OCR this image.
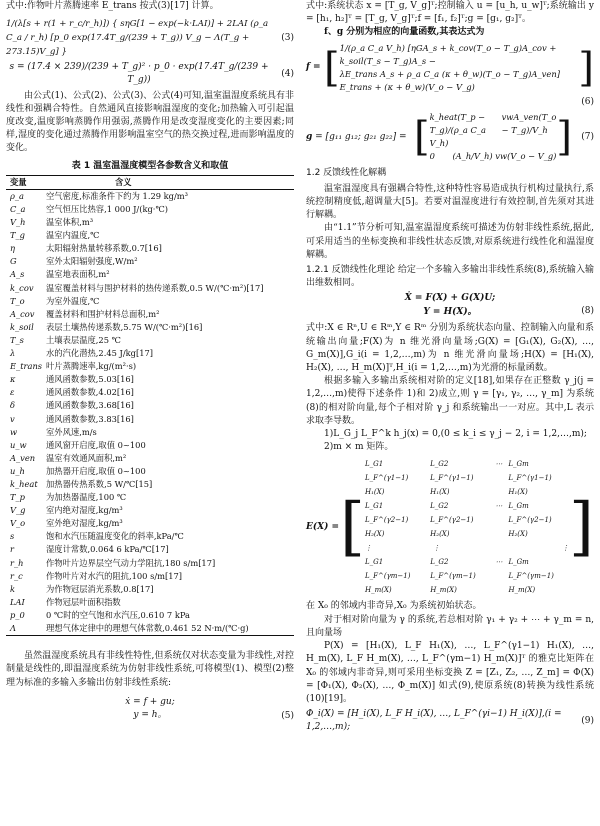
式中:作物叶片蒸腾速率 E_trans 按式(3)[17] 计算。

1/(λ[s + r(1 + r_c/r_h)]) { sηG[1 − exp(−k·LAI)] + 2LAI (ρ_a C_a / r_h) [p_0 exp(17.4T_g/(239 + T_g)) V_g − Λ(T_g + 273.15)V_g] }
(3)
s = (17.4 × 239)/(239 + T_g)² · p_0 · exp(17.4T_g/(239 + T_g))
(4)

由公式(1)、公式(2)、公式(3)、公式(4)可知,温室温湿度系统具有非线性和强耦合特性。自然通风直接影响温湿度的变化;加热输入可引起温度改变,温度影响蒸腾作用强弱,蒸腾作用是改变湿度变化的主要因素;同样,湿度的变化通过蒸腾作用影响温室空气的热交换过程,进而影响温度的变化。

表 1 温室温湿度模型各参数含义和取值
变量	含义
ρ_a	空气密度,标准条件下约为 1.29 kg/m³
C_a	空气恒压比热容,1 000 J/(kg·℃)
V_h	温室体积,m³
T_g	温室内温度,℃
η	太阳辐射热量转移系数,0.7[16]
G	室外太阳辐射强度,W/m²
A_s	温室地表面积,m²
k_cov	温室覆盖材料与围护材料的热传递系数,0.5 W/(℃·m²)[17]
T_o	为室外温度,℃
A_cov	覆盖材料和围护材料总面积,m²
k_soil	表层土壤热传递系数,5.75 W/(℃·m²)[16]
T_s	土壤表层温度,25 ℃
λ	水的汽化潜热,2.45 J/kg[17]
E_trans	叶片蒸腾速率,kg/(m²·s)
κ	通风函数参数,5.03[16]
ε	通风函数参数,4.02[16]
δ	通风函数参数,3.68[16]
v	通风函数参数,3.83[16]
w	室外风速,m/s
u_w	通风窗开启度,取值 0~100
A_ven	温室有效通风面积,m²
u_h	加热器开启度,取值 0~100
k_heat	加热器传热系数,5 W/℃[15]
T_p	为加热器温度,100 ℃
V_g	室内绝对湿度,kg/m³
V_o	室外绝对湿度,kg/m³
s	饱和水汽压随温度变化的斜率,kPa/℃
r	湿度计常数,0.064 6 kPa/℃[17]
r_h	作物叶片边界层空气动力学阻抗,180 s/m[17]
r_c	作物叶片对水汽的阻抗,100 s/m[17]
k	为作物冠层消光系数,0.8[17]
LAI	作物冠层叶面积指数
p_0	0 ℃时的空气饱和水汽压,0.610 7 kPa
Λ	理想气体定律中的理想气体常数,0.461 52 N·m/(℃·g)

虽然温湿度系统具有非线性特性,但系统仅对状态变量为非线性,对控制量是线性的,即温湿度系统为仿射非线性系统,可将模型(1)、模型(2)整理为标准的多输入多输出仿射非线性系统:

ẋ = f + gu;
y = h。	(5)

式中:系统状态 x = [T_g, V_g]ᵀ;控制输入 u = [u_h, u_w]ᵀ;系统输出 y = [h₁, h₂]ᵀ = [T_g, V_g]ᵀ;f = [f₁, f₂]ᵀ;g = [g₁, g₂]ᵀ。

f、g 分别为相应的向量函数,其表达式为

f = [ 1/(ρ_a C_a V_h) [ηGA_s + k_cov(T_o − T_g)A_cov + k_soil(T_s − T_g)A_s −
λE_trans A_s + ρ_a C_a (κ + θ_w)(T_o − T_g)A_ven]
E_trans + (κ + θ_w)(V_o − V_g)	]
(6)
g = [g₁₁ g₁₂; g₂₁ g₂₂] = [ k_heat(T_p − T_g)/(ρ_a C_a V_h)
vwA_ven(T_o − T_g)/V_h
0 (A_h/V_h) vw(V_o − V_g) ]	(7)
1.2 反馈线性化解耦

温室温湿度具有强耦合特性,这种特性容易造成执行机构过量执行,系统控制精度低,超调量大[5]。若要对温湿度进行有效控制,首先须对其进行解耦。

由“1.1”节分析可知,温室温湿度系统可描述为仿射非线性系统,据此,可采用适当的坐标变换和非线性状态反馈,对原系统进行线性化和温湿度解耦。

1.2.1 反馈线性化理论 给定一个多输入多输出非线性系统(8),系统输入输出维数相同。

Ẋ = F(X) + G(X)U;
Y = H(X)。	(8)

式中:X ∈ Rⁿ,U ∈ Rᵐ,Y ∈ Rᵐ 分别为系统状态向量、控制输入向量和系统输出向量;F(X)为 n 维光滑向量场;G(X) = [G₁(X), G₂(X), …, G_m(X)],G_i(i = 1,2,…,m)为 n 维光滑向量场;H(X) = [H₁(X), H₂(X), …, H_m(X)]ᵀ,H_i(i = 1,2,…,m)为光滑的标量函数。

根据多输入多输出系统相对阶的定义[18],如果存在正整数 γ_j(j = 1,2,…,m)使得下述条件 1)和 2)成立,则 γ = [γ₁, γ₂, …, γ_m] 为系统(8)的相对阶向量,每个子相对阶 γ_j 和系统输出一一对应。其中,L 表示求取李导数。

1)L_G_j L_F^k h_j(x) = 0,(0 ≤ k_i ≤ γ_j − 2, i = 1,2,…,m);

2)m × m 矩阵。

E(X) = [
L_G1 L_F^(γ1−1) H₁(X)
L_G2 L_F^(γ1−1) H₁(X)
⋯ L_Gm L_F^(γ1−1) H₁(X)
L_G1 L_F^(γ2−1) H₂(X)
L_G2 L_F^(γ2−1) H₂(X)
⋯ L_Gm L_F^(γ2−1) H₂(X)
⋮	⋮	⋮
L_G1 L_F^(γm−1) H_m(X)
L_G2 L_F^(γm−1) H_m(X)
⋯ L_Gm L_F^(γm−1) H_m(X)
]

在 X₀ 的邻域内非奇异,X₀ 为系统初始状态。

对于相对阶向量为 γ 的系统,若总相对阶 γ₁ + γ₂ + ⋯ + γ_m = n,且向量场

P(X) = [H₁(X), L_F H₁(X), …, L_F^(γ1−1) H₁(X), …, H_m(X), L_F H_m(X), …, L_F^(γm−1) H_m(X)]ᵀ 的雅克比矩阵在 X₀ 的邻域内非奇异,则可采用坐标变换 Z = [Z₁, Z₂, …, Z_m] = Φ(X) = [Φ₁(X), Φ₂(X), …, Φ_m(X)] 如式(9),使原系统(8)转换为线性系统(10)[19]。

Φ_i(X) = [H_i(X), L_F H_i(X), …, L_F^(γi−1) H_i(X)],(i = 1,2,…,m);
(9)
